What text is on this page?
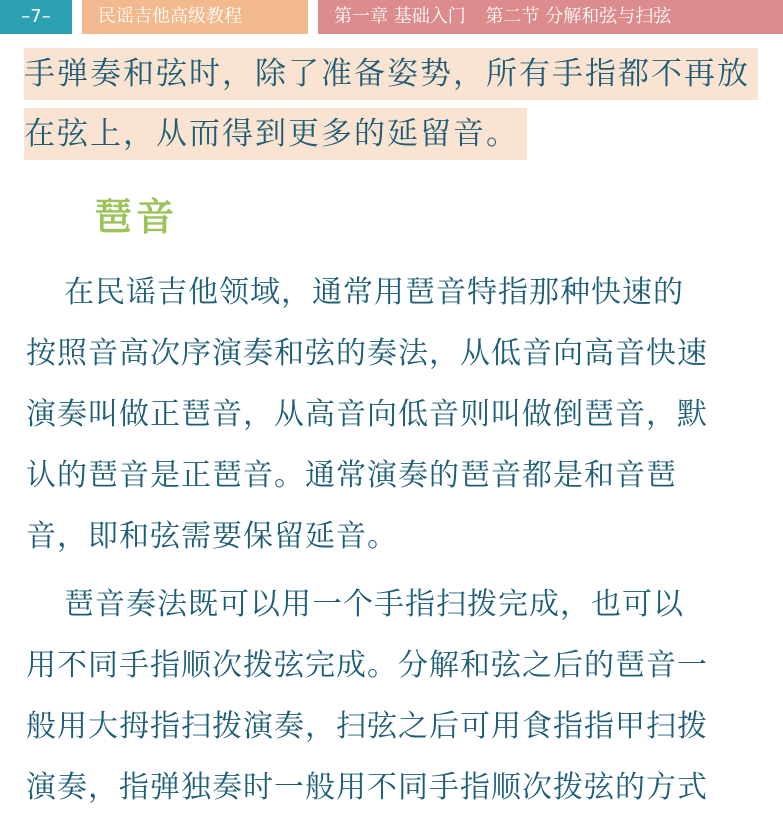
–7–	民谣吉他高级教程	第一章 基础入门 第二节 分解和弦与扫弦
手弹奏和弦时，除了准备姿势，所有手指都不再放
在弦上，从而得到更多的延留音。
琶音
在民谣吉他领域，通常用琶音特指那种快速的
按照音高次序演奏和弦的奏法，从低音向高音快速
演奏叫做正琶音，从高音向低音则叫做倒琶音，默
认的琶音是正琶音。通常演奏的琶音都是和音琶
音，即和弦需要保留延音。
琶音奏法既可以用一个手指扫拨完成，也可以
用不同手指顺次拨弦完成。分解和弦之后的琶音一
般用大拇指扫拨演奏，扫弦之后可用食指指甲扫拨
演奏，指弹独奏时一般用不同手指顺次拨弦的方式
